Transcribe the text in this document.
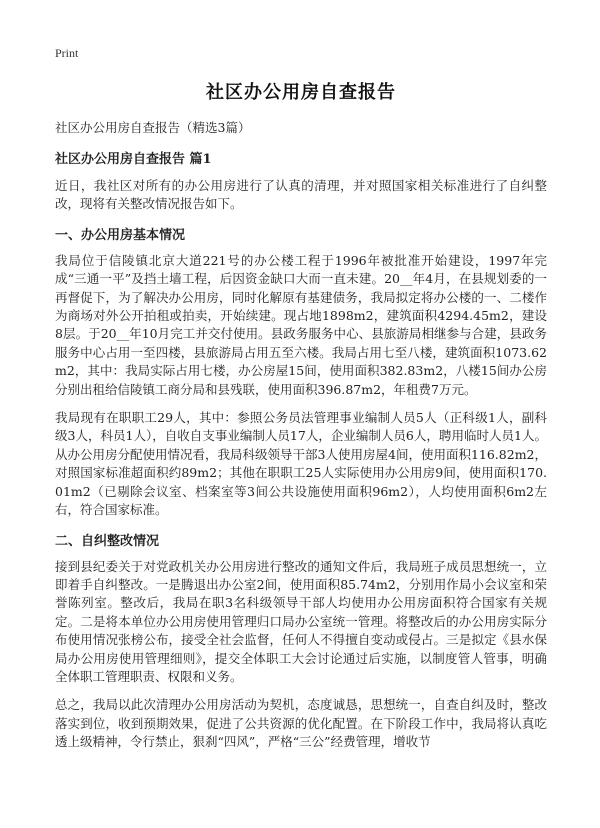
Print
社区办公用房自查报告

社区办公用房自查报告（精选3篇）

社区办公用房自查报告 篇1

近日，我社区对所有的办公用房进行了认真的清理，并对照国家相关标准进行了自纠整改，现将有关整改情况报告如下。

一、办公用房基本情况

我局位于信陵镇北京大道221号的办公楼工程于1996年被批准开始建设，1997年完成“三通一平”及挡土墙工程，后因资金缺口大而一直未建。20__年4月，在县规划委的一再督促下，为了解决办公用房，同时化解原有基建债务，我局拟定将办公楼的一、二楼作为商场对外公开拍租或拍卖，开始续建。现占地1898m2，建筑面积4294.45m2，建设8层。于20__年10月完工并交付使用。县政务服务中心、县旅游局相继参与合建，县政务服务中心占用一至四楼，县旅游局占用五至六楼。我局占用七至八楼，建筑面积1073.62m2，其中：我局实际占用七楼，办公房屋15间，使用面积382.83m2，八楼15间办公房分别出租给信陵镇工商分局和县残联，使用面积396.87m2，年租费7万元。

我局现有在职职工29人，其中：参照公务员法管理事业编制人员5人（正科级1人，副科级3人，科员1人），自收自支事业编制人员17人，企业编制人员6人，聘用临时人员1人。从办公用房分配使用情况看，我局科级领导干部3人使用房屋4间，使用面积116.82m2，对照国家标准超面积约89m2；其他在职职工25人实际使用办公用房9间，使用面积170.01m2（已剔除会议室、档案室等3间公共设施使用面积96m2），人均使用面积6m2左右，符合国家标准。

二、自纠整改情况

接到县纪委关于对党政机关办公用房进行整改的通知文件后，我局班子成员思想统一，立即着手自纠整改。一是腾退出办公室2间，使用面积85.74m2，分别用作局小会议室和荣誉陈列室。整改后，我局在职3名科级领导干部人均使用办公用房面积符合国家有关规定。二是将本单位办公用房使用管理归口局办公室统一管理。将整改后的办公用房实际分布使用情况张榜公布，接受全社会监督，任何人不得擅自变动或侵占。三是拟定《县水保局办公用房使用管理细则》，提交全体职工大会讨论通过后实施，以制度管人管事，明确全体职工管理职责、权限和义务。

总之，我局以此次清理办公用房活动为契机，态度诚恳，思想统一，自查自纠及时，整改落实到位，收到预期效果，促进了公共资源的优化配置。在下阶段工作中，我局将认真吃透上级精神，令行禁止，狠刹“四风”，严格“三公”经费管理，增收节
